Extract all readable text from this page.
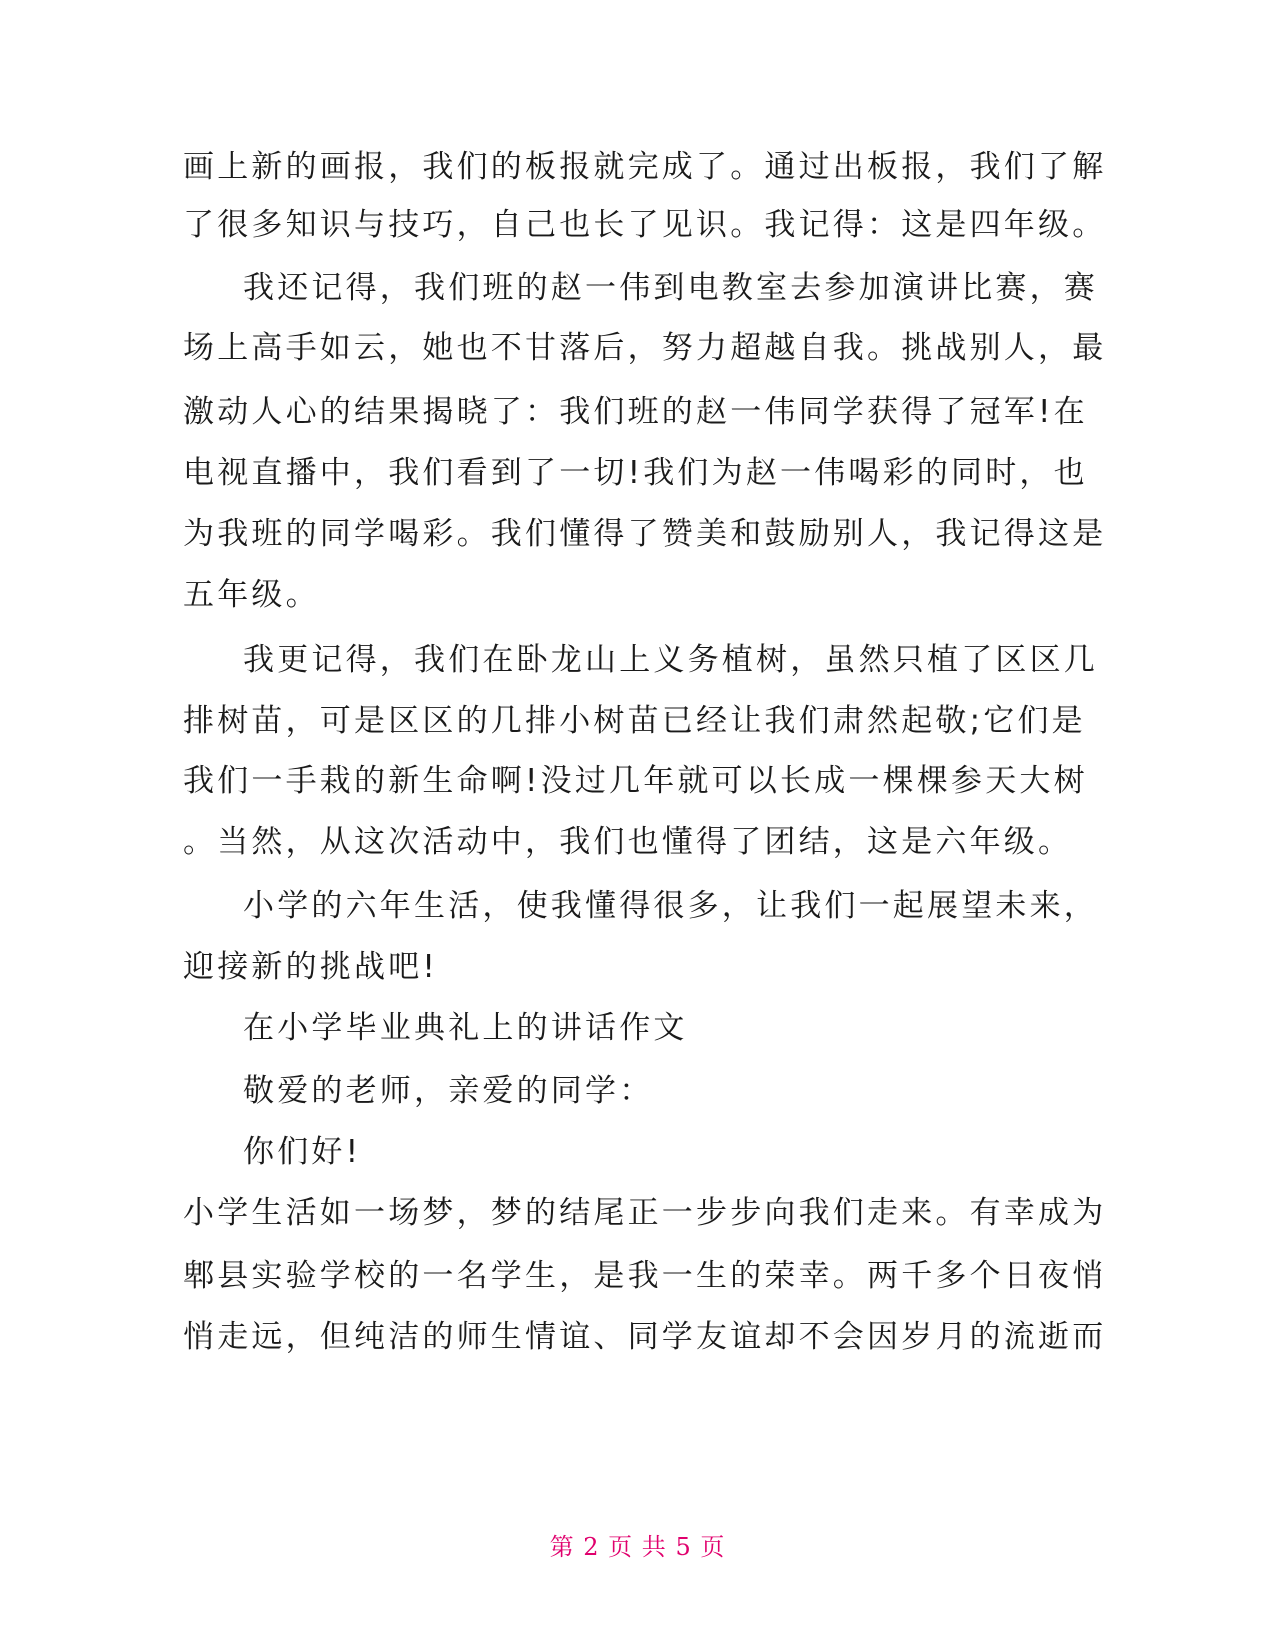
画上新的画报，我们的板报就完成了。通过出板报，我们了解
了很多知识与技巧，自己也长了见识。我记得：这是四年级。
我还记得，我们班的赵一伟到电教室去参加演讲比赛，赛
场上高手如云，她也不甘落后，努力超越自我。挑战别人，最
激动人心的结果揭晓了：我们班的赵一伟同学获得了冠军!在
电视直播中，我们看到了一切!我们为赵一伟喝彩的同时，也
为我班的同学喝彩。我们懂得了赞美和鼓励别人，我记得这是
五年级。
我更记得，我们在卧龙山上义务植树，虽然只植了区区几
排树苗，可是区区的几排小树苗已经让我们肃然起敬;它们是
我们一手栽的新生命啊!没过几年就可以长成一棵棵参天大树
。当然，从这次活动中，我们也懂得了团结，这是六年级。
小学的六年生活，使我懂得很多，让我们一起展望未来，
迎接新的挑战吧!
在小学毕业典礼上的讲话作文
敬爱的老师，亲爱的同学：
你们好!
小学生活如一场梦，梦的结尾正一步步向我们走来。有幸成为
郫县实验学校的一名学生，是我一生的荣幸。两千多个日夜悄
悄走远，但纯洁的师生情谊、同学友谊却不会因岁月的流逝而
第 2 页 共 5 页
